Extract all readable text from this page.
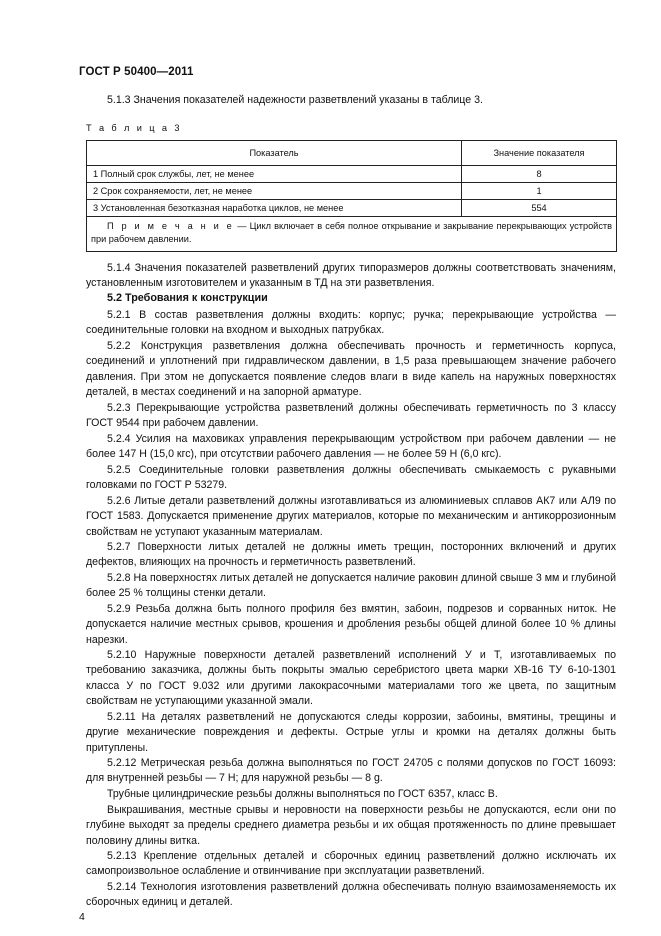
ГОСТ Р 50400—2011
5.1.3 Значения показателей надежности разветвлений указаны в таблице 3.
Т а б л и ц а 3
Показатель	Значение показателя
1 Полный срок службы, лет, не менее	8
2 Срок сохраняемости, лет, не менее	1
3 Установленная безотказная наработка циклов, не менее	554
П р и м е ч а н и е — Цикл включает в себя полное открывание и закрывание перекрывающих устройств при рабочем давлении.	
5.1.4 Значения показателей разветвлений других типоразмеров должны соответствовать значениям, установленным изготовителем и указанным в ТД на эти разветвления.
5.2 Требования к конструкции
5.2.1 В состав разветвления должны входить: корпус; ручка; перекрывающие устройства — соединительные головки на входном и выходных патрубках.
5.2.2 Конструкция разветвления должна обеспечивать прочность и герметичность корпуса, соединений и уплотнений при гидравлическом давлении, в 1,5 раза превышающем значение рабочего давления. При этом не допускается появление следов влаги в виде капель на наружных поверхностях деталей, в местах соединений и на запорной арматуре.
5.2.3 Перекрывающие устройства разветвлений должны обеспечивать герметичность по 3 классу ГОСТ 9544 при рабочем давлении.
5.2.4 Усилия на маховиках управления перекрывающим устройством при рабочем давлении — не более 147 Н (15,0 кгс), при отсутствии рабочего давления — не более 59 Н (6,0 кгс).
5.2.5 Соединительные головки разветвления должны обеспечивать смыкаемость с рукавными головками по ГОСТ Р 53279.
5.2.6 Литые детали разветвлений должны изготавливаться из алюминиевых сплавов АК7 или АЛ9 по ГОСТ 1583. Допускается применение других материалов, которые по механическим и антикоррозионным свойствам не уступают указанным материалам.
5.2.7 Поверхности литых деталей не должны иметь трещин, посторонних включений и других дефектов, влияющих на прочность и герметичность разветвлений.
5.2.8 На поверхностях литых деталей не допускается наличие раковин длиной свыше 3 мм и глубиной более 25 % толщины стенки детали.
5.2.9 Резьба должна быть полного профиля без вмятин, забоин, подрезов и сорванных ниток. Не допускается наличие местных срывов, крошения и дробления резьбы общей длиной более 10 % длины нарезки.
5.2.10 Наружные поверхности деталей разветвлений исполнений У и Т, изготавливаемых по требованию заказчика, должны быть покрыты эмалью серебристого цвета марки ХВ-16 ТУ 6-10-1301 класса У по ГОСТ 9.032 или другими лакокрасочными материалами того же цвета, по защитным свойствам не уступающими указанной эмали.
5.2.11 На деталях разветвлений не допускаются следы коррозии, забоины, вмятины, трещины и другие механические повреждения и дефекты. Острые углы и кромки на деталях должны быть притуплены.
5.2.12 Метрическая резьба должна выполняться по ГОСТ 24705 с полями допусков по ГОСТ 16093: для внутренней резьбы — 7 Н; для наружной резьбы — 8 g.
Трубные цилиндрические резьбы должны выполняться по ГОСТ 6357, класс В.
Выкрашивания, местные срывы и неровности на поверхности резьбы не допускаются, если они по глубине выходят за пределы среднего диаметра резьбы и их общая протяженность по длине превышает половину длины витка.
5.2.13 Крепление отдельных деталей и сборочных единиц разветвлений должно исключать их самопроизвольное ослабление и отвинчивание при эксплуатации разветвлений.
5.2.14 Технология изготовления разветвлений должна обеспечивать полную взаимозаменяемость их сборочных единиц и деталей.
4
